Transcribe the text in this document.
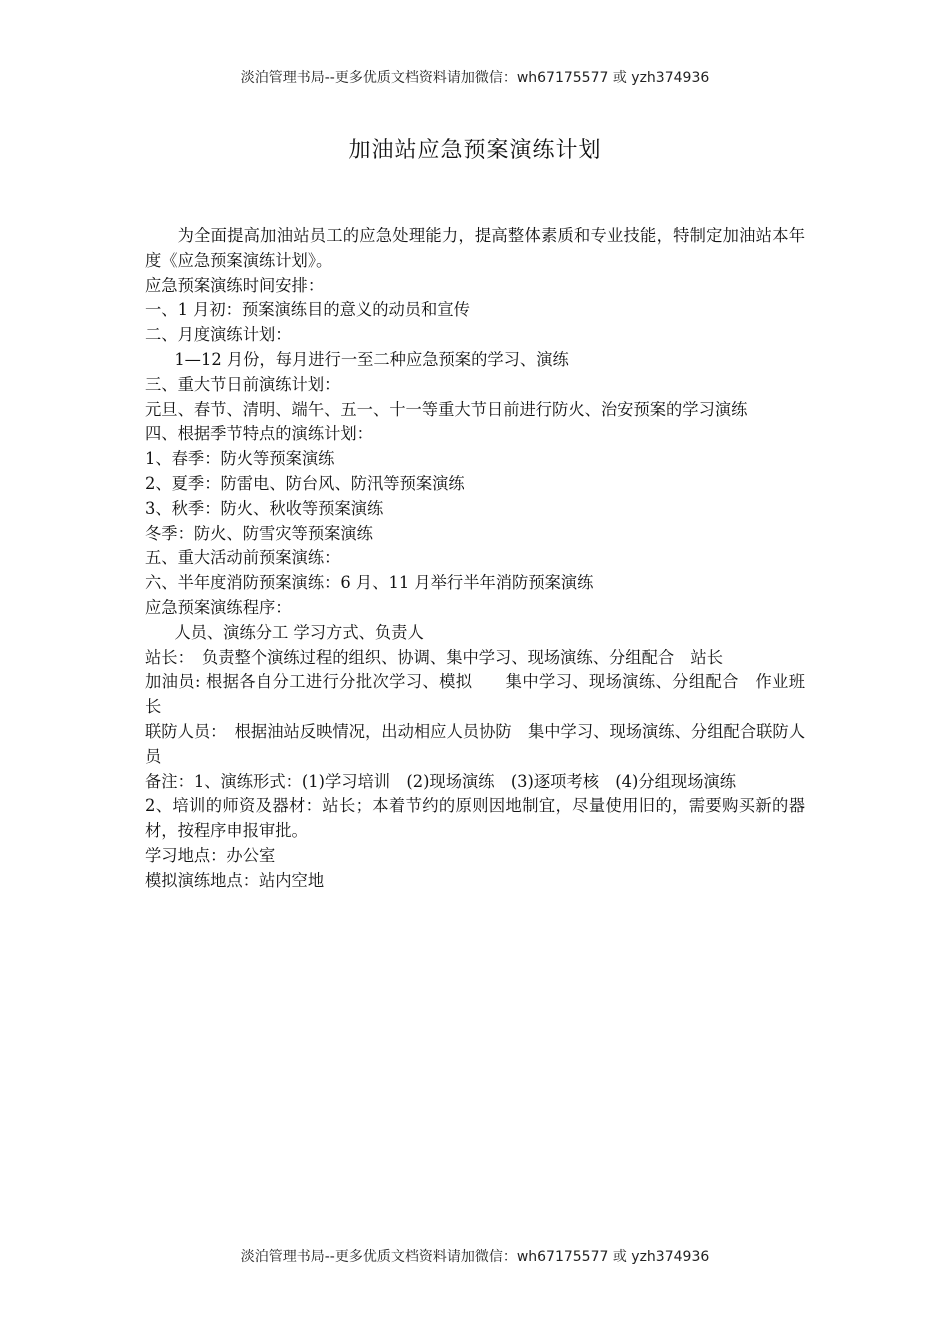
淡泊管理书局--更多优质文档资料请加微信：wh67175577 或 yzh374936
加油站应急预案演练计划

为全面提高加油站员工的应急处理能力，提高整体素质和专业技能，特制定加油站本年度《应急预案演练计划》。

应急预案演练时间安排：

一、1 月初：预案演练目的意义的动员和宣传

二、月度演练计划：

1—12 月份，每月进行一至二种应急预案的学习、演练

三、重大节日前演练计划：

元旦、春节、清明、端午、五一、十一等重大节日前进行防火、治安预案的学习演练

四、根据季节特点的演练计划：

1、春季：防火等预案演练

2、夏季：防雷电、防台风、防汛等预案演练

3、秋季：防火、秋收等预案演练

冬季：防火、防雪灾等预案演练

五、重大活动前预案演练：

六、半年度消防预案演练：6 月、11 月举行半年消防预案演练

应急预案演练程序：

人员、演练分工 学习方式、负责人

站长：　负责整个演练过程的组织、协调、集中学习、现场演练、分组配合　站长

加油员: 根据各自分工进行分批次学习、模拟　　集中学习、现场演练、分组配合　作业班长

联防人员：　根据油站反映情况，出动相应人员协防　集中学习、现场演练、分组配合联防人员

备注：1、演练形式：(1)学习培训　(2)现场演练　(3)逐项考核　(4)分组现场演练

2、培训的师资及器材：站长；本着节约的原则因地制宜，尽量使用旧的，需要购买新的器材，按程序申报审批。

学习地点：办公室

模拟演练地点：站内空地

淡泊管理书局--更多优质文档资料请加微信：wh67175577 或 yzh374936
